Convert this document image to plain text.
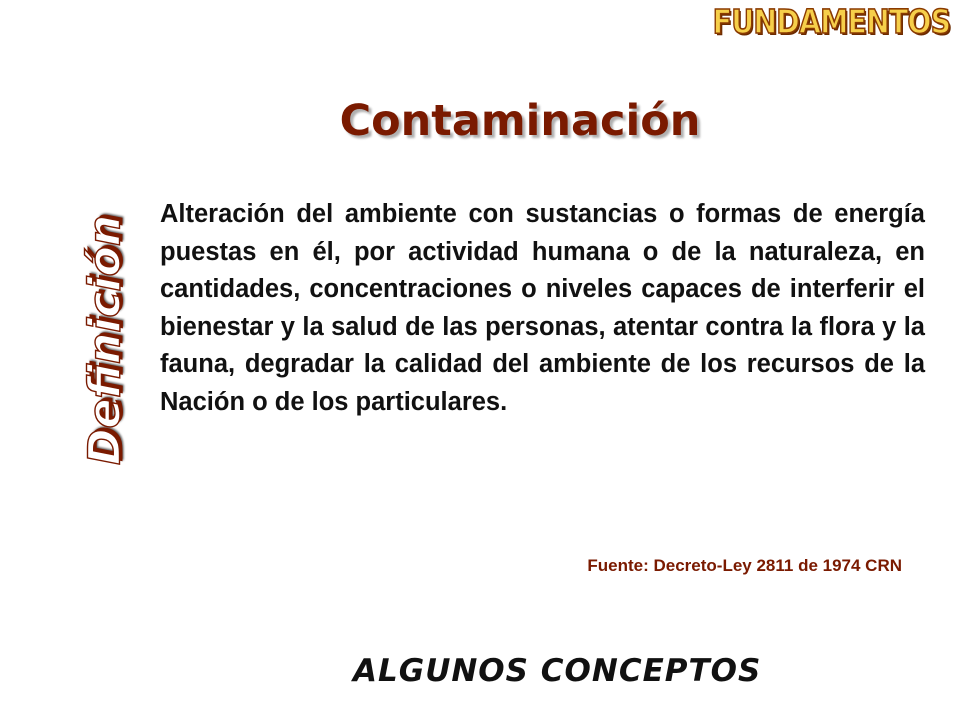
FUNDAMENTOS
Contaminación
Definición

Alteración del ambiente con sustancias o formas de energía puestas en él, por actividad humana o de la naturaleza, en cantidades, concentraciones o niveles capaces de interferir el bienestar y la salud de las personas, atentar contra la flora y la fauna, degradar la calidad del ambiente de los recursos de la Nación o de los particulares.

Fuente: Decreto-Ley 2811 de 1974 CRN
ALGUNOS CONCEPTOS
